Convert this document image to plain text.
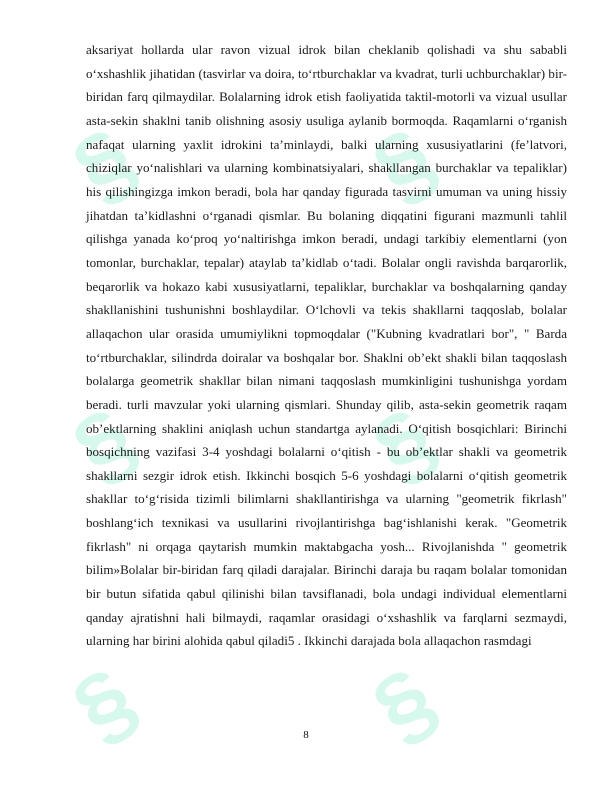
§ §
§ §
§ §

aksariyat hollarda ular ravon vizual idrok bilan cheklanib qolishadi va shu sababli o‘xshashlik jihatidan (tasvirlar va doira, to‘rtburchaklar va kvadrat, turli uchburchaklar) bir-biridan farq qilmaydilar. Bolalarning idrok etish faoliyatida taktil-motorli va vizual usullar asta-sekin shaklni tanib olishning asosiy usuliga aylanib bormoqda. Raqamlarni o‘rganish nafaqat ularning yaxlit idrokini ta’minlaydi, balki ularning xususiyatlarini (fe’latvori, chiziqlar yo‘nalishlari va ularning kombinatsiyalari, shakllangan burchaklar va tepaliklar) his qilishingizga imkon beradi, bola har qanday figurada tasvirni umuman va uning hissiy jihatdan ta’kidlashni o‘rganadi qismlar. Bu bolaning diqqatini figurani mazmunli tahlil qilishga yanada ko‘proq yo‘naltirishga imkon beradi, undagi tarkibiy elementlarni (yon tomonlar, burchaklar, tepalar) ataylab ta’kidlab o‘tadi. Bolalar ongli ravishda barqarorlik, beqarorlik va hokazo kabi xususiyatlarni, tepaliklar, burchaklar va boshqalarning qanday shakllanishini tushunishni boshlaydilar. O‘lchovli va tekis shakllarni taqqoslab, bolalar allaqachon ular orasida umumiylikni topmoqdalar ("Kubning kvadratlari bor", " Barda to‘rtburchaklar, silindrda doiralar va boshqalar bor. Shaklni ob’ekt shakli bilan taqqoslash bolalarga geometrik shakllar bilan nimani taqqoslash mumkinligini tushunishga yordam beradi. turli mavzular yoki ularning qismlari. Shunday qilib, asta-sekin geometrik raqam ob’ektlarning shaklini aniqlash uchun standartga aylanadi. O‘qitish bosqichlari: Birinchi bosqichning vazifasi 3-4 yoshdagi bolalarni o‘qitish - bu ob’ektlar shakli va geometrik shakllarni sezgir idrok etish. Ikkinchi bosqich 5-6 yoshdagi bolalarni o‘qitish geometrik shakllar to‘g‘risida tizimli bilimlarni shakllantirishga va ularning "geometrik fikrlash" boshlang‘ich texnikasi va usullarini rivojlantirishga bag‘ishlanishi kerak. "Geometrik fikrlash" ni orqaga qaytarish mumkin maktabgacha yosh... Rivojlanishda " geometrik bilim»Bolalar bir-biridan farq qiladi darajalar. Birinchi daraja bu raqam bolalar tomonidan bir butun sifatida qabul qilinishi bilan tavsiflanadi, bola undagi individual elementlarni qanday ajratishni hali bilmaydi, raqamlar orasidagi o‘xshashlik va farqlarni sezmaydi, ularning har birini alohida qabul qiladi5 . Ikkinchi darajada bola allaqachon rasmdagi

8
